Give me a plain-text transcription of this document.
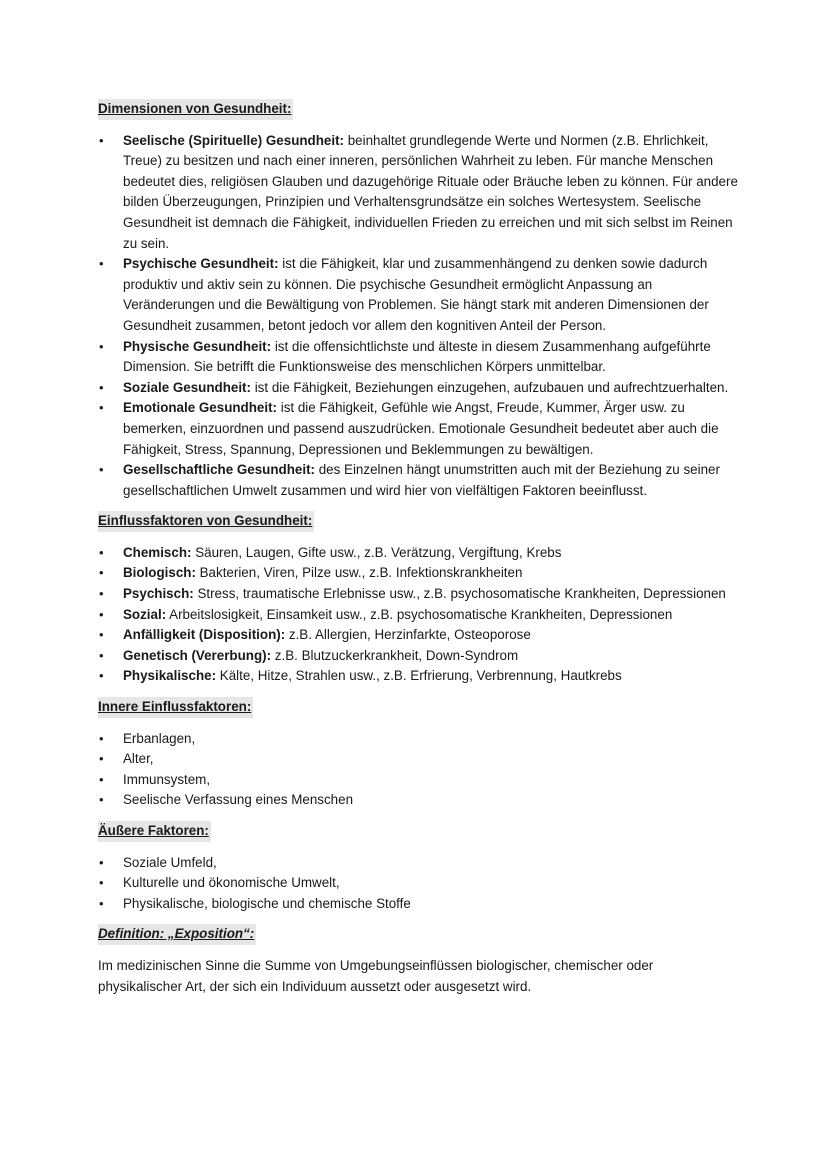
Dimensionen von Gesundheit:
• Seelische (Spirituelle) Gesundheit: beinhaltet grundlegende Werte und Normen (z.B. Ehrlichkeit, Treue) zu besitzen und nach einer inneren, persönlichen Wahrheit zu leben. Für manche Menschen bedeutet dies, religiösen Glauben und dazugehörige Rituale oder Bräuche leben zu können. Für andere bilden Überzeugungen, Prinzipien und Verhaltensgrundsätze ein solches Wertesystem. Seelische Gesundheit ist demnach die Fähigkeit, individuellen Frieden zu erreichen und mit sich selbst im Reinen zu sein.
• Psychische Gesundheit: ist die Fähigkeit, klar und zusammenhängend zu denken sowie dadurch produktiv und aktiv sein zu können. Die psychische Gesundheit ermöglicht Anpassung an Veränderungen und die Bewältigung von Problemen. Sie hängt stark mit anderen Dimensionen der Gesundheit zusammen, betont jedoch vor allem den kognitiven Anteil der Person.
• Physische Gesundheit: ist die offensichtlichste und älteste in diesem Zusammenhang aufgeführte Dimension. Sie betrifft die Funktionsweise des menschlichen Körpers unmittelbar.
• Soziale Gesundheit: ist die Fähigkeit, Beziehungen einzugehen, aufzubauen und aufrechtzuerhalten.
• Emotionale Gesundheit: ist die Fähigkeit, Gefühle wie Angst, Freude, Kummer, Ärger usw. zu bemerken, einzuordnen und passend auszudrücken. Emotionale Gesundheit bedeutet aber auch die Fähigkeit, Stress, Spannung, Depressionen und Beklemmungen zu bewältigen.
• Gesellschaftliche Gesundheit: des Einzelnen hängt unumstritten auch mit der Beziehung zu seiner gesellschaftlichen Umwelt zusammen und wird hier von vielfältigen Faktoren beeinflusst.
Einflussfaktoren von Gesundheit:
• Chemisch: Säuren, Laugen, Gifte usw., z.B. Verätzung, Vergiftung, Krebs
• Biologisch: Bakterien, Viren, Pilze usw., z.B. Infektionskrankheiten
• Psychisch: Stress, traumatische Erlebnisse usw., z.B. psychosomatische Krankheiten, Depressionen
• Sozial: Arbeitslosigkeit, Einsamkeit usw., z.B. psychosomatische Krankheiten, Depressionen
• Anfälligkeit (Disposition): z.B. Allergien, Herzinfarkte, Osteoporose
• Genetisch (Vererbung): z.B. Blutzuckerkrankheit, Down-Syndrom
• Physikalische: Kälte, Hitze, Strahlen usw., z.B. Erfrierung, Verbrennung, Hautkrebs
Innere Einflussfaktoren:
• Erbanlagen,
• Alter,
• Immunsystem,
• Seelische Verfassung eines Menschen
Äußere Faktoren:
• Soziale Umfeld,
• Kulturelle und ökonomische Umwelt,
• Physikalische, biologische und chemische Stoffe
Definition: „Exposition“:

Im medizinischen Sinne die Summe von Umgebungseinflüssen biologischer, chemischer oder physikalischer Art, der sich ein Individuum aussetzt oder ausgesetzt wird.
